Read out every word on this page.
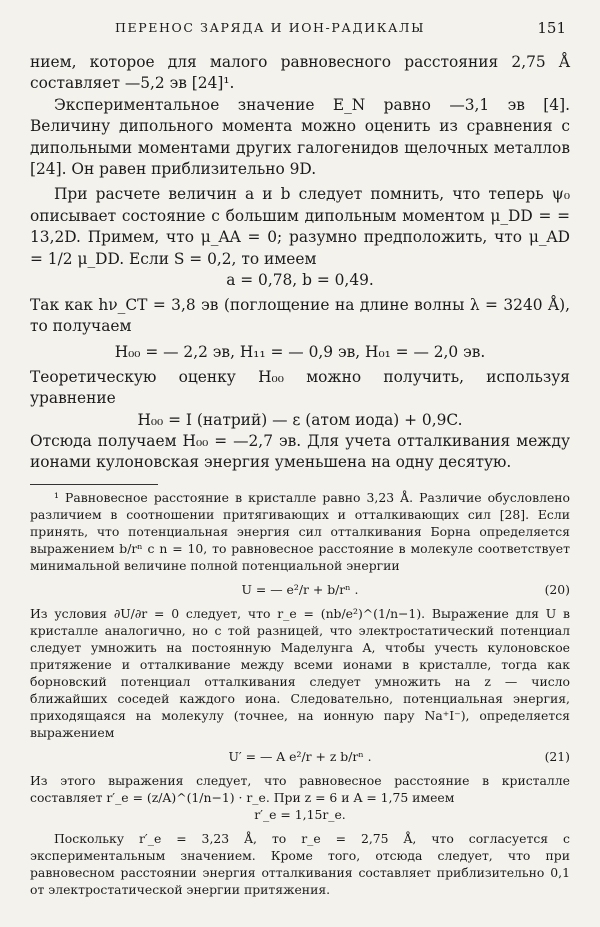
ПЕРЕНОС ЗАРЯДА И ИОН-РАДИКАЛЫ	151

нием, которое для малого равновесного расстояния 2,75 Å составляет —5,2 эв [24]¹.

Экспериментальное значение E_N равно —3,1 эв [4]. Величину дипольного момента можно оценить из сравнения с дипольными моментами других галогенидов щелочных металлов [24]. Он равен приблизительно 9D.

При расчете величин a и b следует помнить, что теперь ψ₀ описывает состояние с большим дипольным моментом μ_DD = = 13,2D. Примем, что μ_AA = 0; разумно предположить, что μ_AD = 1/2 μ_DD. Если S = 0,2, то имеем

a = 0,78, b = 0,49.

Так как hν_CT = 3,8 эв (поглощение на длине волны λ = 3240 Å), то получаем

H₀₀ = — 2,2 эв, H₁₁ = — 0,9 эв, H₀₁ = — 2,0 эв.

Теоретическую оценку H₀₀ можно получить, используя уравнение

H₀₀ = I (натрий) — ε (атом иода) + 0,9C.

Отсюда получаем H₀₀ = —2,7 эв. Для учета отталкивания между ионами кулоновская энергия уменьшена на одну десятую.

¹ Равновесное расстояние в кристалле равно 3,23 Å. Различие обусловлено различием в соотношении притягивающих и отталкивающих сил [28]. Если принять, что потенциальная энергия сил отталкивания Борна определяется выражением b/rⁿ с n = 10, то равновесное расстояние в молекуле соответствует минимальной величине полной потенциальной энергии

U = — e²/r + b/rⁿ .	(20)

Из условия ∂U/∂r = 0 следует, что r_e = (nb/e²)^(1/n−1). Выражение для U в кристалле аналогично, но с той разницей, что электростатический потенциал следует умножить на постоянную Маделунга A, чтобы учесть кулоновское притяжение и отталкивание между всеми ионами в кристалле, тогда как борновский потенциал отталкивания следует умножить на z — число ближайших соседей каждого иона. Следовательно, потенциальная энергия, приходящаяся на молекулу (точнее, на ионную пару Na⁺I⁻), определяется выражением

U′ = — A e²/r + z b/rⁿ .	(21)

Из этого выражения следует, что равновесное расстояние в кристалле составляет r′_e = (z/A)^(1/n−1) · r_e. При z = 6 и A = 1,75 имеем

r′_e = 1,15r_e.

Поскольку r′_e = 3,23 Å, то r_e = 2,75 Å, что согласуется с экспериментальным значением. Кроме того, отсюда следует, что при равновесном расстоянии энергия отталкивания составляет приблизительно 0,1 от электростатической энергии притяжения.
